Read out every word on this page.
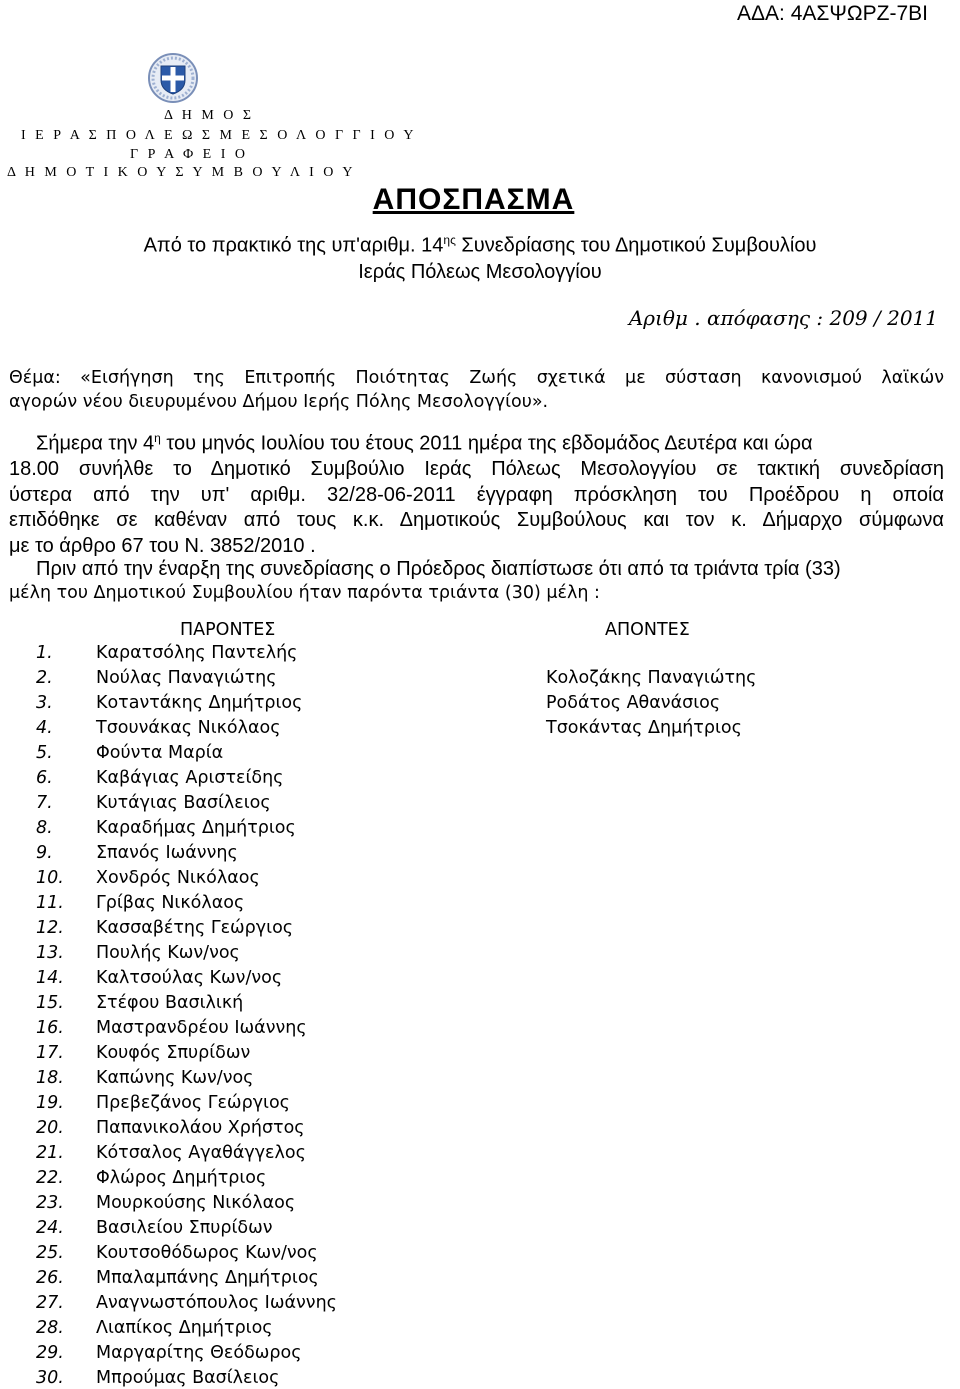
ΑΔΑ: 4ΑΣΨΩΡΖ-7ΒΙ
Δ Η Μ Ο Σ
Ι Ε Ρ Α Σ Π Ο Λ Ε Ω Σ Μ Ε Σ Ο Λ Ο Γ Γ Ι Ο Υ
Γ Ρ Α Φ Ε Ι Ο
Δ Η Μ Ο Τ Ι Κ Ο Υ Σ Υ Μ Β Ο Υ Λ Ι Ο Υ
ΑΠΟΣΠΑΣΜΑ
Από το πρακτικό της υπ'αριθμ. $14^{\eta\varsigma}$ Συνεδρίασης του Δημοτικού Συμβουλίου
Ιεράς Πόλεως Μεσολογγίου
Αριθμ . απόφασης : 209 / 2011
Θέμα: «Εισήγηση της Επιτροπής Ποιότητας Ζωής σχετικά με σύσταση κανονισμού λαϊκών
αγορών νέου διευρυμένου Δήμου Ιερής Πόλης Μεσολογγίου».
Σήμερα την $4^\eta$ του μηνός Ιουλίου του έτους 2011 ημέρα της εβδομάδος Δευτέρα και ώρα
18.00 συνήλθε το Δημοτικό Συμβούλιο Ιεράς Πόλεως Μεσολογγίου σε τακτική συνεδρίαση
ύστερα από την υπ' αριθμ. 32/28-06-2011 έγγραφη πρόσκληση του Προέδρου η οποία
επιδόθηκε σε καθέναν από τους κ.κ. Δημοτικούς Συμβούλους και τον κ. Δήμαρχο σύμφωνα
με το άρθρο 67 του Ν. 3852/2010 .
Πριν από την έναρξη της συνεδρίασης ο Πρόεδρος διαπίστωσε ότι από τα τριάντα τρία (33)
μέλη του Δημοτικού Συμβουλίου ήταν παρόντα τριάντα (30) μέλη :
ΠΑΡΟΝΤΕΣ	ΑΠΟΝΤΕΣ
1. Καρατσόλης Παντελής
2. Νούλας Παναγιώτης
3. Κοτaντάκης Δημήτριος
4. Τσουνάκας Νικόλαος
5. Φούντα Μαρία
6. Καβάγιας Αριστείδης
7. Κυτάγιας Βασίλειος
8. Καραδήμας Δημήτριος
9. Σπανός Ιωάννης
10. Χονδρός Νικόλαος
11. Γρίβας Νικόλαος
12. Κασσαβέτης Γεώργιος
13. Πουλής Κων/νος
14. Καλτσούλας Κων/νος
15. Στέφου Βασιλική
16. Μαστρανδρέου Ιωάννης
17. Κουφός Σπυρίδων
18. Καπώνης Κων/νος
19. Πρεβεζάνος Γεώργιος
20. Παπανικολάου Χρήστος
21. Κότσαλος Αγαθάγγελος
22. Φλώρος Δημήτριος
23. Μουρκούσης Νικόλαος
24. Βασιλείου Σπυρίδων
25. Κουτσοθόδωρος Κων/νος
26. Μπαλαμπάνης Δημήτριος
27. Αναγνωστόπουλος Ιωάννης
28. Λιαπίκος Δημήτριος
29. Μαργαρίτης Θεόδωρος
30. Μπρούμας Βασίλειος
Κολοζάκης Παναγιώτης
Ροδάτος Αθανάσιος
Τσοκάντας Δημήτριος
